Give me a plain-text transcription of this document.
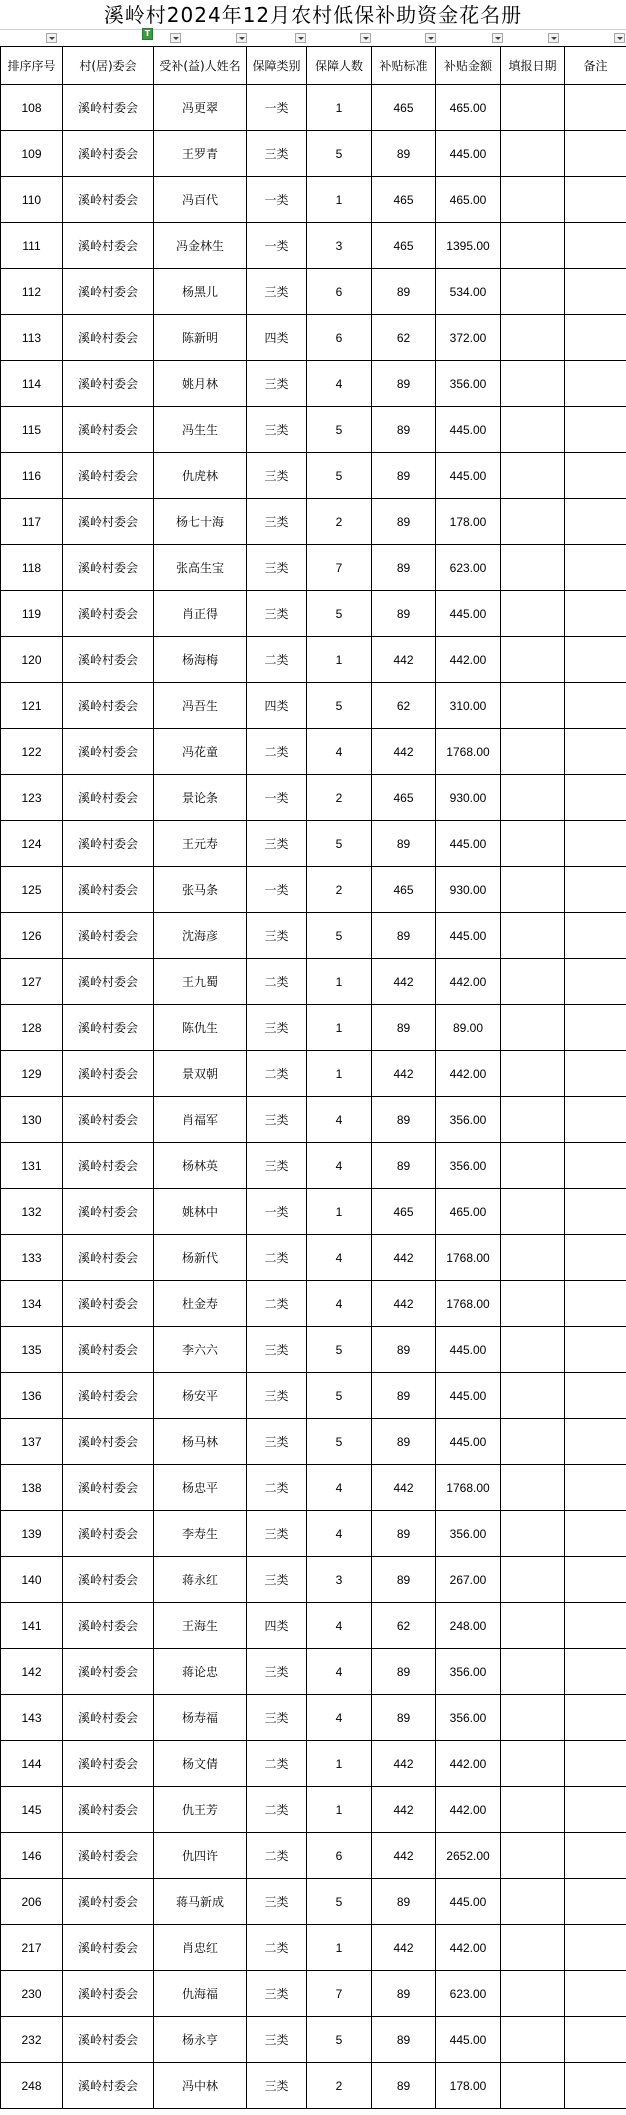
溪岭村2024年12月农村低保补助资金花名册
T
排序序号	村(居)委会	受补(益)人姓名	保障类别	保障人数	补贴标准	补贴金额	填报日期	备注
108	溪岭村委会	冯更翠	一类	1	465	465.00		
109	溪岭村委会	王罗青	三类	5	89	445.00		
110	溪岭村委会	冯百代	一类	1	465	465.00		
111	溪岭村委会	冯金林生	一类	3	465	1395.00		
112	溪岭村委会	杨黑儿	三类	6	89	534.00		
113	溪岭村委会	陈新明	四类	6	62	372.00		
114	溪岭村委会	姚月林	三类	4	89	356.00		
115	溪岭村委会	冯生生	三类	5	89	445.00		
116	溪岭村委会	仇虎林	三类	5	89	445.00		
117	溪岭村委会	杨七十海	三类	2	89	178.00		
118	溪岭村委会	张高生宝	三类	7	89	623.00		
119	溪岭村委会	肖正得	三类	5	89	445.00		
120	溪岭村委会	杨海梅	二类	1	442	442.00		
121	溪岭村委会	冯吾生	四类	5	62	310.00		
122	溪岭村委会	冯花童	二类	4	442	1768.00		
123	溪岭村委会	景论条	一类	2	465	930.00		
124	溪岭村委会	王元寿	三类	5	89	445.00		
125	溪岭村委会	张马条	一类	2	465	930.00		
126	溪岭村委会	沈海彦	三类	5	89	445.00		
127	溪岭村委会	王九蜀	二类	1	442	442.00		
128	溪岭村委会	陈仇生	三类	1	89	89.00		
129	溪岭村委会	景双朝	二类	1	442	442.00		
130	溪岭村委会	肖福军	三类	4	89	356.00		
131	溪岭村委会	杨林英	三类	4	89	356.00		
132	溪岭村委会	姚林中	一类	1	465	465.00		
133	溪岭村委会	杨新代	二类	4	442	1768.00		
134	溪岭村委会	杜金寿	二类	4	442	1768.00		
135	溪岭村委会	李六六	三类	5	89	445.00		
136	溪岭村委会	杨安平	三类	5	89	445.00		
137	溪岭村委会	杨马林	三类	5	89	445.00		
138	溪岭村委会	杨忠平	二类	4	442	1768.00		
139	溪岭村委会	李寿生	三类	4	89	356.00		
140	溪岭村委会	蒋永红	三类	3	89	267.00		
141	溪岭村委会	王海生	四类	4	62	248.00		
142	溪岭村委会	蒋论忠	三类	4	89	356.00		
143	溪岭村委会	杨寿福	三类	4	89	356.00		
144	溪岭村委会	杨文倩	二类	1	442	442.00		
145	溪岭村委会	仇王芳	二类	1	442	442.00		
146	溪岭村委会	仇四许	二类	6	442	2652.00		
206	溪岭村委会	蒋马新成	三类	5	89	445.00		
217	溪岭村委会	肖忠红	二类	1	442	442.00		
230	溪岭村委会	仇海福	三类	7	89	623.00		
232	溪岭村委会	杨永亨	三类	5	89	445.00		
248	溪岭村委会	冯中林	三类	2	89	178.00		
